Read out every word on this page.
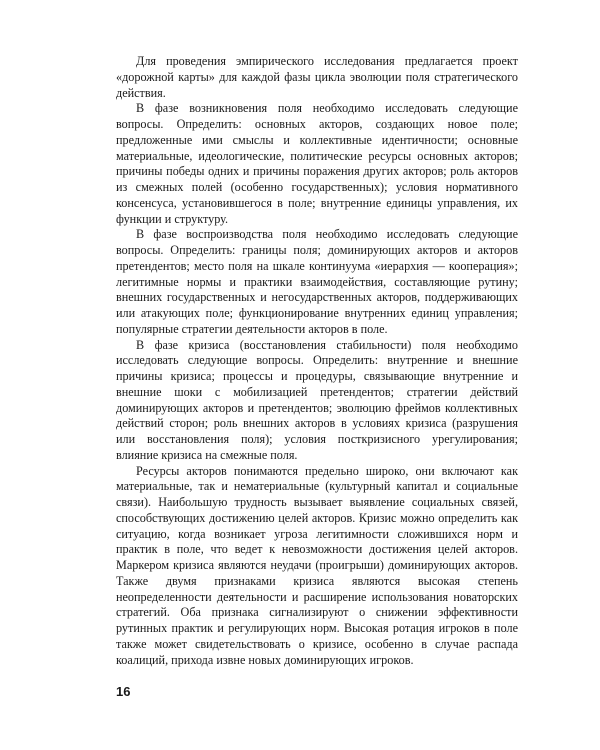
Для проведения эмпирического исследования предлагается проект «дорожной карты» для каждой фазы цикла эволюции поля стратегического действия.

В фазе возникновения поля необходимо исследовать следующие вопросы. Определить: основных акторов, создающих новое поле; предложенные ими смыслы и коллективные идентичности; основные материальные, идеологические, политические ресурсы основных акторов; причины победы одних и причины поражения других акторов; роль акторов из смежных полей (особенно государственных); условия нормативного консенсуса, установившегося в поле; внутренние единицы управления, их функции и структуру.

В фазе воспроизводства поля необходимо исследовать следующие вопросы. Определить: границы поля; доминирующих акторов и акторов претендентов; место поля на шкале континуума «иерархия — кооперация»; легитимные нормы и практики взаимодействия, составляющие рутину; внешних государственных и негосударственных акторов, поддерживающих или атакующих поле; функционирование внутренних единиц управления; популярные стратегии деятельности акторов в поле.

В фазе кризиса (восстановления стабильности) поля необходимо исследовать следующие вопросы. Определить: внутренние и внешние причины кризиса; процессы и процедуры, связывающие внутренние и внешние шоки с мобилизацией претендентов; стратегии действий доминирующих акторов и претендентов; эволюцию фреймов коллективных действий сторон; роль внешних акторов в условиях кризиса (разрушения или восстановления поля); условия посткризисного урегулирования; влияние кризиса на смежные поля.

Ресурсы акторов понимаются предельно широко, они включают как материальные, так и нематериальные (культурный капитал и социальные связи). Наибольшую трудность вызывает выявление социальных связей, способствующих достижению целей акторов. Кризис можно определить как ситуацию, когда возникает угроза легитимности сложившихся норм и практик в поле, что ведет к невозможности достижения целей акторов. Маркером кризиса являются неудачи (проигрыши) доминирующих акторов. Также двумя признаками кризиса являются высокая степень неопределенности деятельности и расширение использования новаторских стратегий. Оба признака сигнализируют о снижении эффективности рутинных практик и регулирующих норм. Высокая ротация игроков в поле также может свидетельствовать о кризисе, особенно в случае распада коалиций, прихода извне новых доминирующих игроков.

16
